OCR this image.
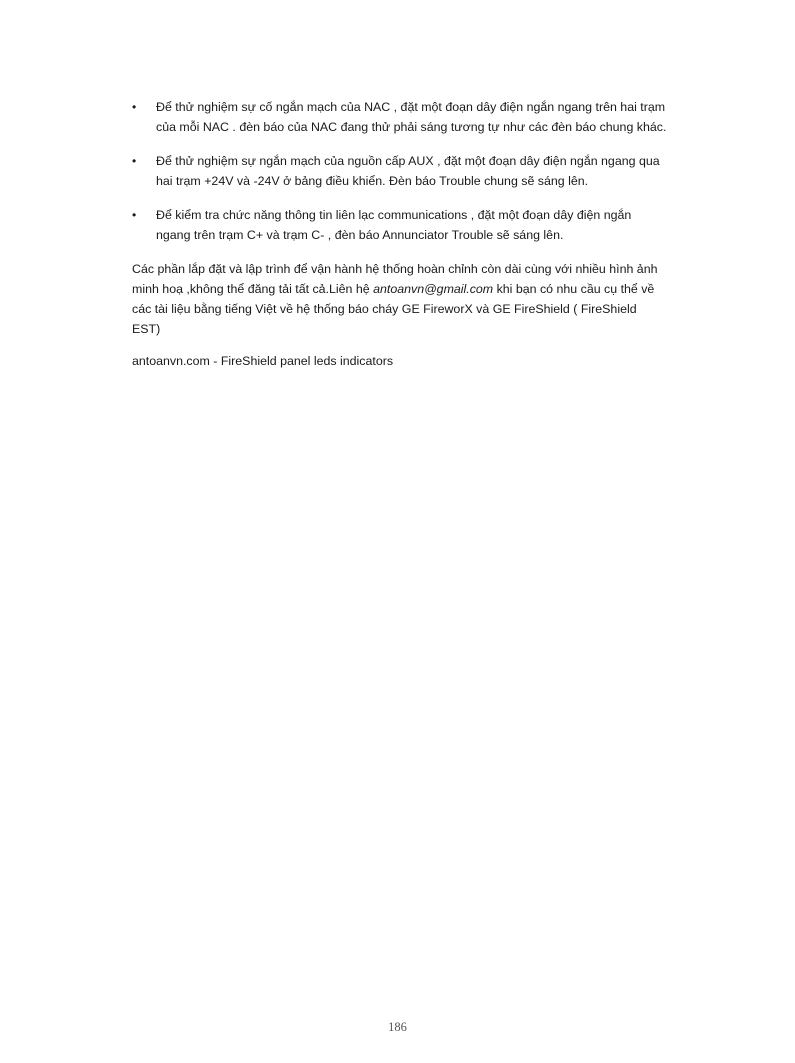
• Để thử nghiệm sự cố ngắn mạch của NAC , đặt một đoạn dây điện ngắn ngang trên hai trạm của mỗi NAC . đèn báo của NAC đang thử phải sáng tương tự như các đèn báo chung khác.
• Để thử nghiệm sự ngắn mạch của nguồn cấp AUX , đặt một đoạn dây điện ngắn ngang qua hai trạm +24V và -24V ở bảng điều khiển. Đèn báo Trouble chung sẽ sáng lên.
• Để kiểm tra chức năng thông tin liên lạc communications , đặt một đoạn dây điện ngắn ngang trên trạm C+ và trạm C- , đèn báo Annunciator Trouble sẽ sáng lên.

Các phần lắp đặt và lập trình để vận hành hệ thống hoàn chỉnh còn dài cùng với nhiều hình ảnh minh hoạ ,không thể đăng tải tất cả.Liên hệ antoanvn@gmail.com khi bạn có nhu cầu cụ thể về các tài liệu bằng tiếng Việt về hệ thống báo cháy GE FireworX và GE FireShield ( FireShield EST)

antoanvn.com - FireShield panel leds indicators

186
